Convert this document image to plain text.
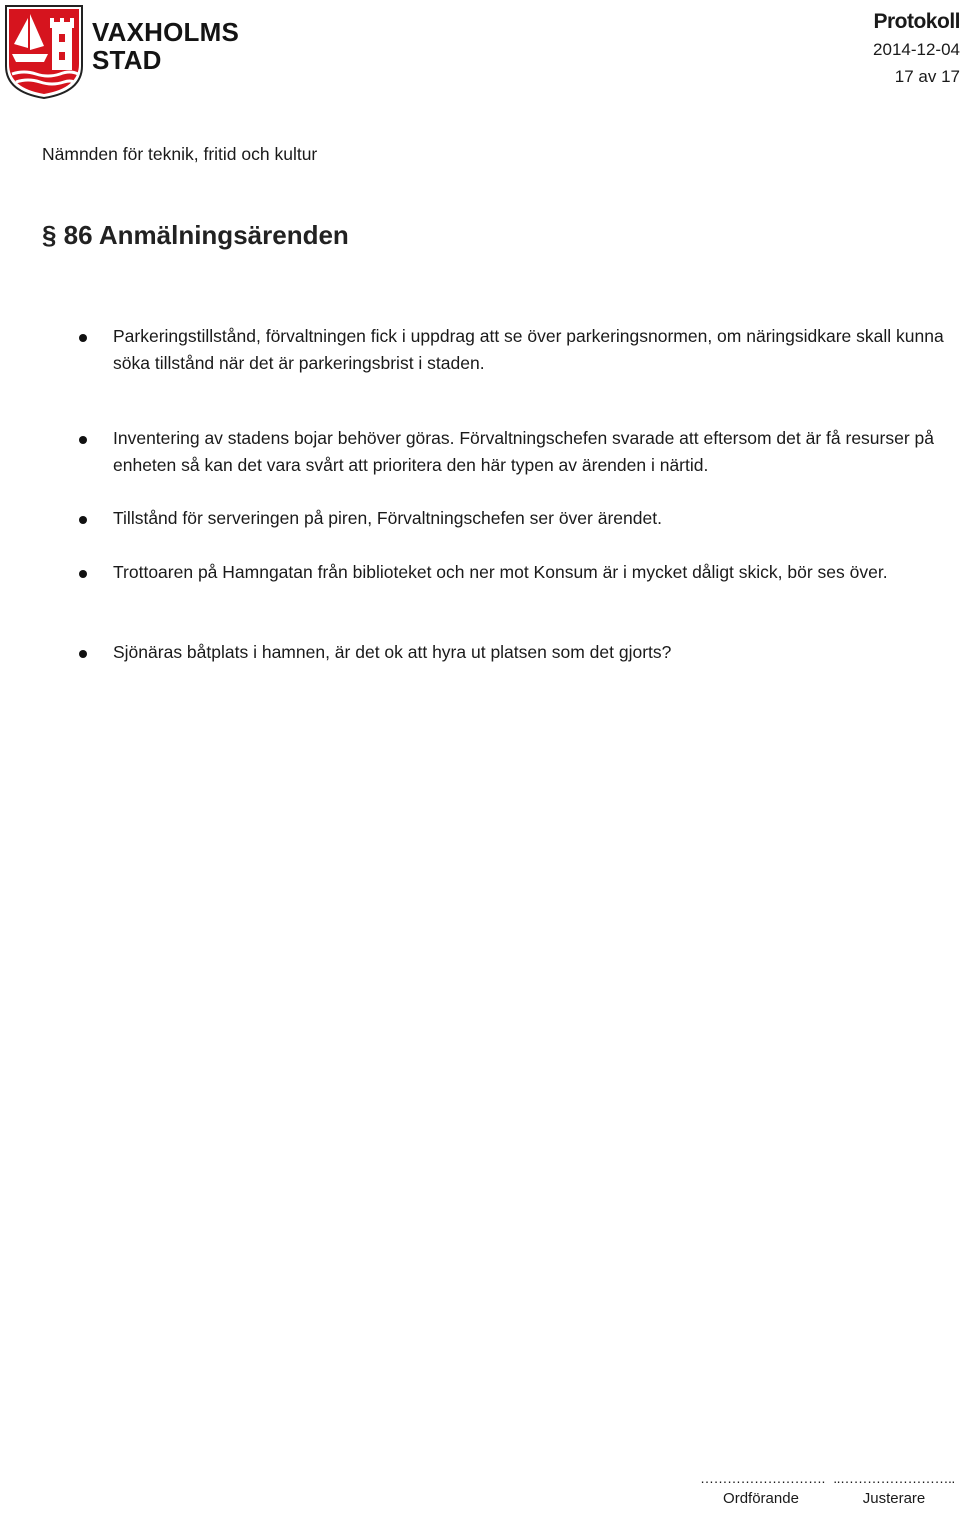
VAXHOLMS
STAD
Protokoll
2014-12-04
17 av 17
Nämnden för teknik, fritid och kultur
§ 86 Anmälningsärenden
Parkeringstillstånd, förvaltningen fick i uppdrag att se över parkeringsnormen, om näringsidkare skall kunna söka tillstånd när det är parkeringsbrist i staden.
Inventering av stadens bojar behöver göras. Förvaltningschefen svarade att eftersom det är få resurser på enheten så kan det vara svårt att prioritera den här typen av ärenden i närtid.
Tillstånd för serveringen på piren, Förvaltningschefen ser över ärendet.
Trottoaren på Hamngatan från biblioteket och ner mot Konsum är i mycket dåligt skick, bör ses över.
Sjönäras båtplats i hamnen, är det ok att hyra ut platsen som det gjorts?
……………………….
Ordförande
..……………………..
Justerare
